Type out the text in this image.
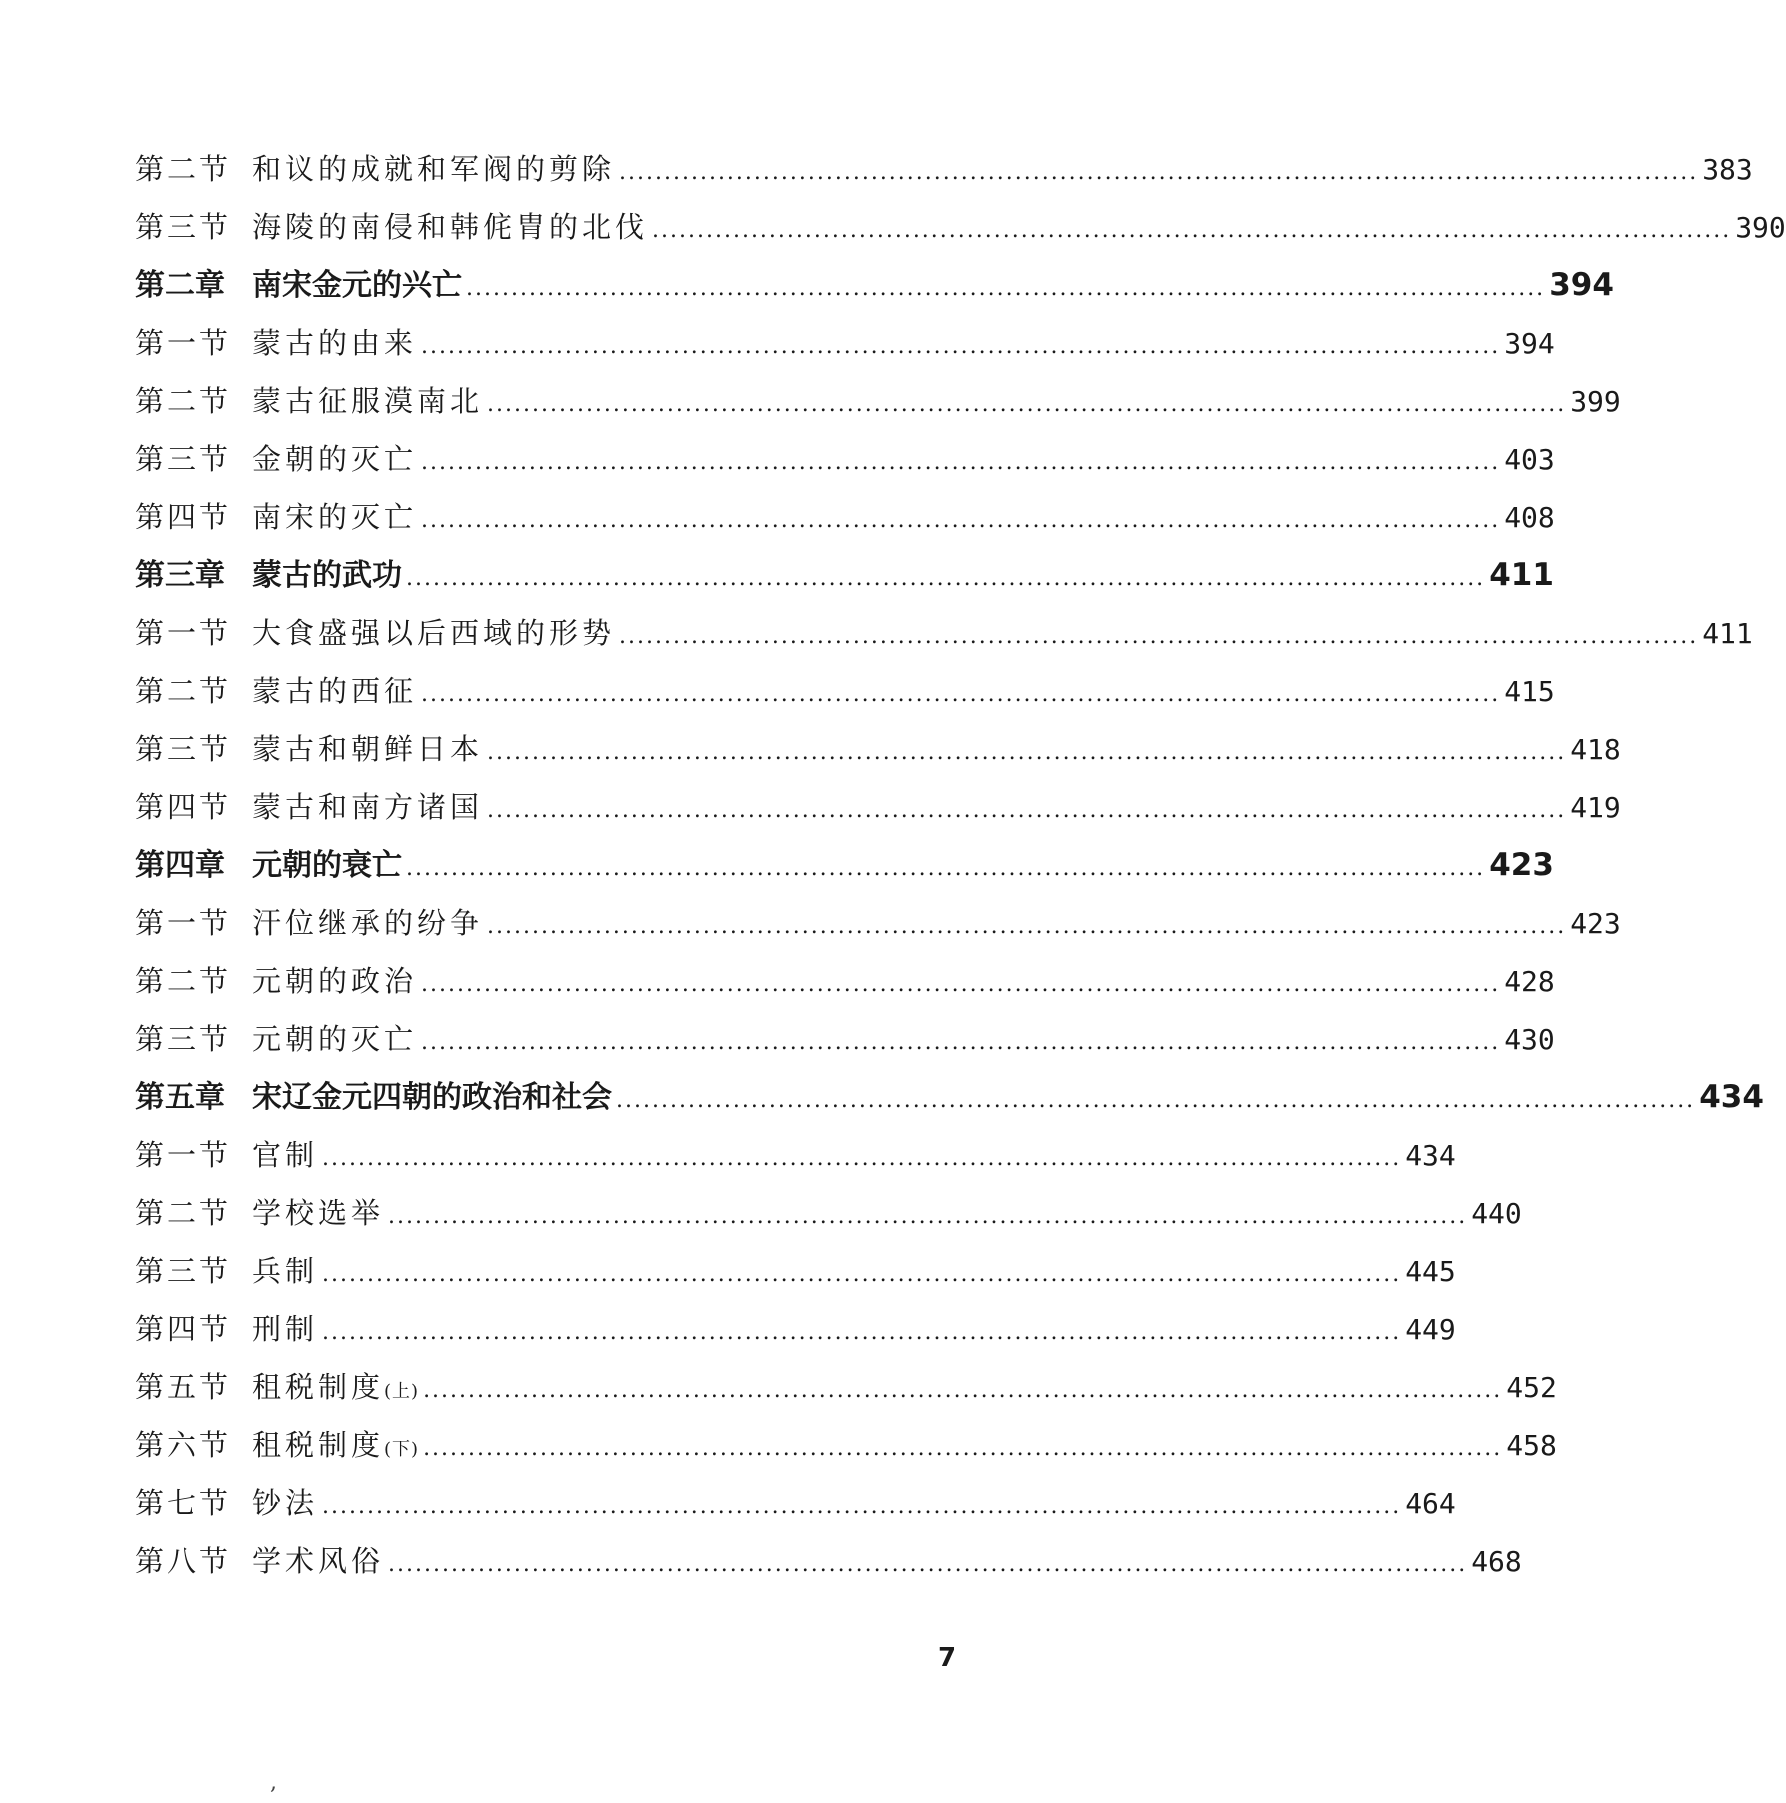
第二节 和议的成就和军阀的剪除 ........................................................................................................................ 383
第三节 海陵的南侵和韩侂胄的北伐 ........................................................................................................................ 390
第二章 南宋金元的兴亡 ........................................................................................................................ 394
第一节 蒙古的由来 ........................................................................................................................ 394
第二节 蒙古征服漠南北 ........................................................................................................................ 399
第三节 金朝的灭亡 ........................................................................................................................ 403
第四节 南宋的灭亡 ........................................................................................................................ 408
第三章 蒙古的武功 ........................................................................................................................ 411
第一节 大食盛强以后西域的形势 ........................................................................................................................ 411
第二节 蒙古的西征 ........................................................................................................................ 415
第三节 蒙古和朝鲜日本 ........................................................................................................................ 418
第四节 蒙古和南方诸国 ........................................................................................................................ 419
第四章 元朝的衰亡 ........................................................................................................................ 423
第一节 汗位继承的纷争 ........................................................................................................................ 423
第二节 元朝的政治 ........................................................................................................................ 428
第三节 元朝的灭亡 ........................................................................................................................ 430
第五章 宋辽金元四朝的政治和社会 ........................................................................................................................ 434
第一节 官制 ........................................................................................................................ 434
第二节 学校选举 ........................................................................................................................ 440
第三节 兵制 ........................................................................................................................ 445
第四节 刑制 ........................................................................................................................ 449
第五节 租税制度(上) ........................................................................................................................ 452
第六节 租税制度(下) ........................................................................................................................ 458
第七节 钞法 ........................................................................................................................ 464
第八节 学术风俗 ........................................................................................................................ 468
7
,
